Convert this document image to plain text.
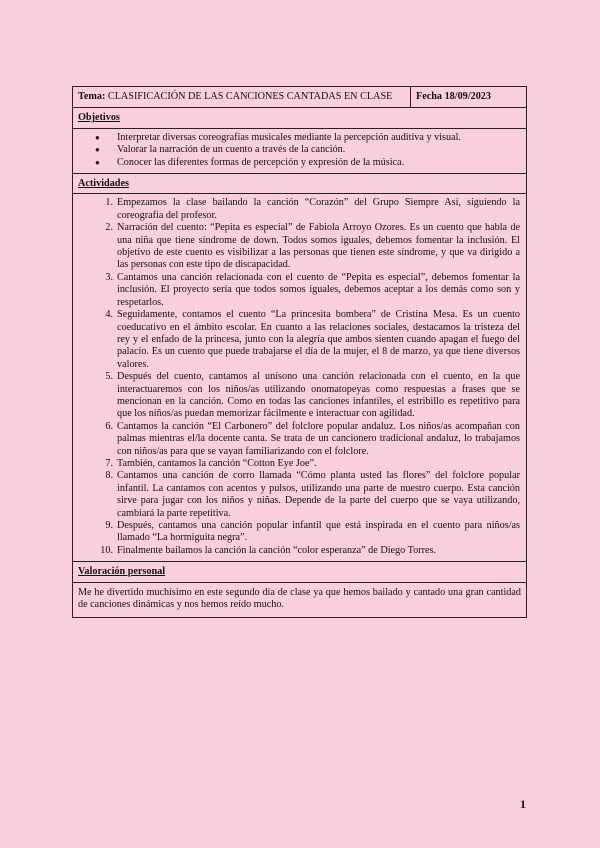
Tema: CLASIFICACIÓN DE LAS CANCIONES CANTADAS EN CLASE	Fecha 18/09/2023
Objetivos
● Interpretar diversas coreografías musicales mediante la percepción auditiva y visual.
● Valorar la narración de un cuento a través de la canción.
● Conocer las diferentes formas de percepción y expresión de la música.
Actividades
1. Empezamos la clase bailando la canción “Corazón” del Grupo Siempre Así, siguiendo la coreografía del profesor.
2. Narración del cuento: “Pepita es especial” de Fabiola Arroyo Ozores. Es un cuento que habla de una niña que tiene síndrome de down. Todos somos iguales, debemos fomentar la inclusión. El objetivo de este cuento es visibilizar a las personas que tienen este síndrome, y que va dirigido a las personas con este tipo de discapacidad.
3. Cantamos una canción relacionada con el cuento de “Pepita es especial”, debemos fomentar la inclusión. El proyecto sería que todos somos iguales, debemos aceptar a los demás como son y respetarlos.
4. Seguidamente, contamos el cuento “La princesita bombera” de Cristina Mesa. Es un cuento coeducativo en el ámbito escolar. En cuanto a las relaciones sociales, destacamos la tristeza del rey y el enfado de la princesa, junto con la alegría que ambos sienten cuando apagan el fuego del palacio. Es un cuento que puede trabajarse el día de la mujer, el 8 de marzo, ya que tiene diversos valores.
5. Después del cuento, cantamos al unísono una canción relacionada con el cuento, en la que interactuaremos con los niños/as utilizando onomatopeyas como respuestas a frases que se mencionan en la canción. Como en todas las canciones infantiles, el estribillo es repetitivo para que los niños/as puedan memorizar fácilmente e interactuar con agilidad.
6. Cantamos la canción “El Carbonero” del folclore popular andaluz. Los niños/as acompañan con palmas mientras el/la docente canta. Se trata de un cancionero tradicional andaluz, lo trabajamos con niños/as para que se vayan familiarizando con el folclore.
7. También, cantamos la canción “Cotton Eye Joe”.
8. Cantamos una canción de corro llamada “Cómo planta usted las flores” del folclore popular infantil. La cantamos con acentos y pulsos, utilizando una parte de nuestro cuerpo. Esta canción sirve para jugar con los niños y niñas. Depende de la parte del cuerpo que se vaya utilizando, cambiará la parte repetitiva.
9. Después, cantamos una canción popular infantil que está inspirada en el cuento para niños/as llamado “La hormiguita negra”.
10. Finalmente bailamos la canción la canción “color esperanza” de Diego Torres.
Valoración personal
Me he divertido muchísimo en este segundo día de clase ya que hemos bailado y cantado una gran cantidad de canciones dinámicas y nos hemos reído mucho.
1
